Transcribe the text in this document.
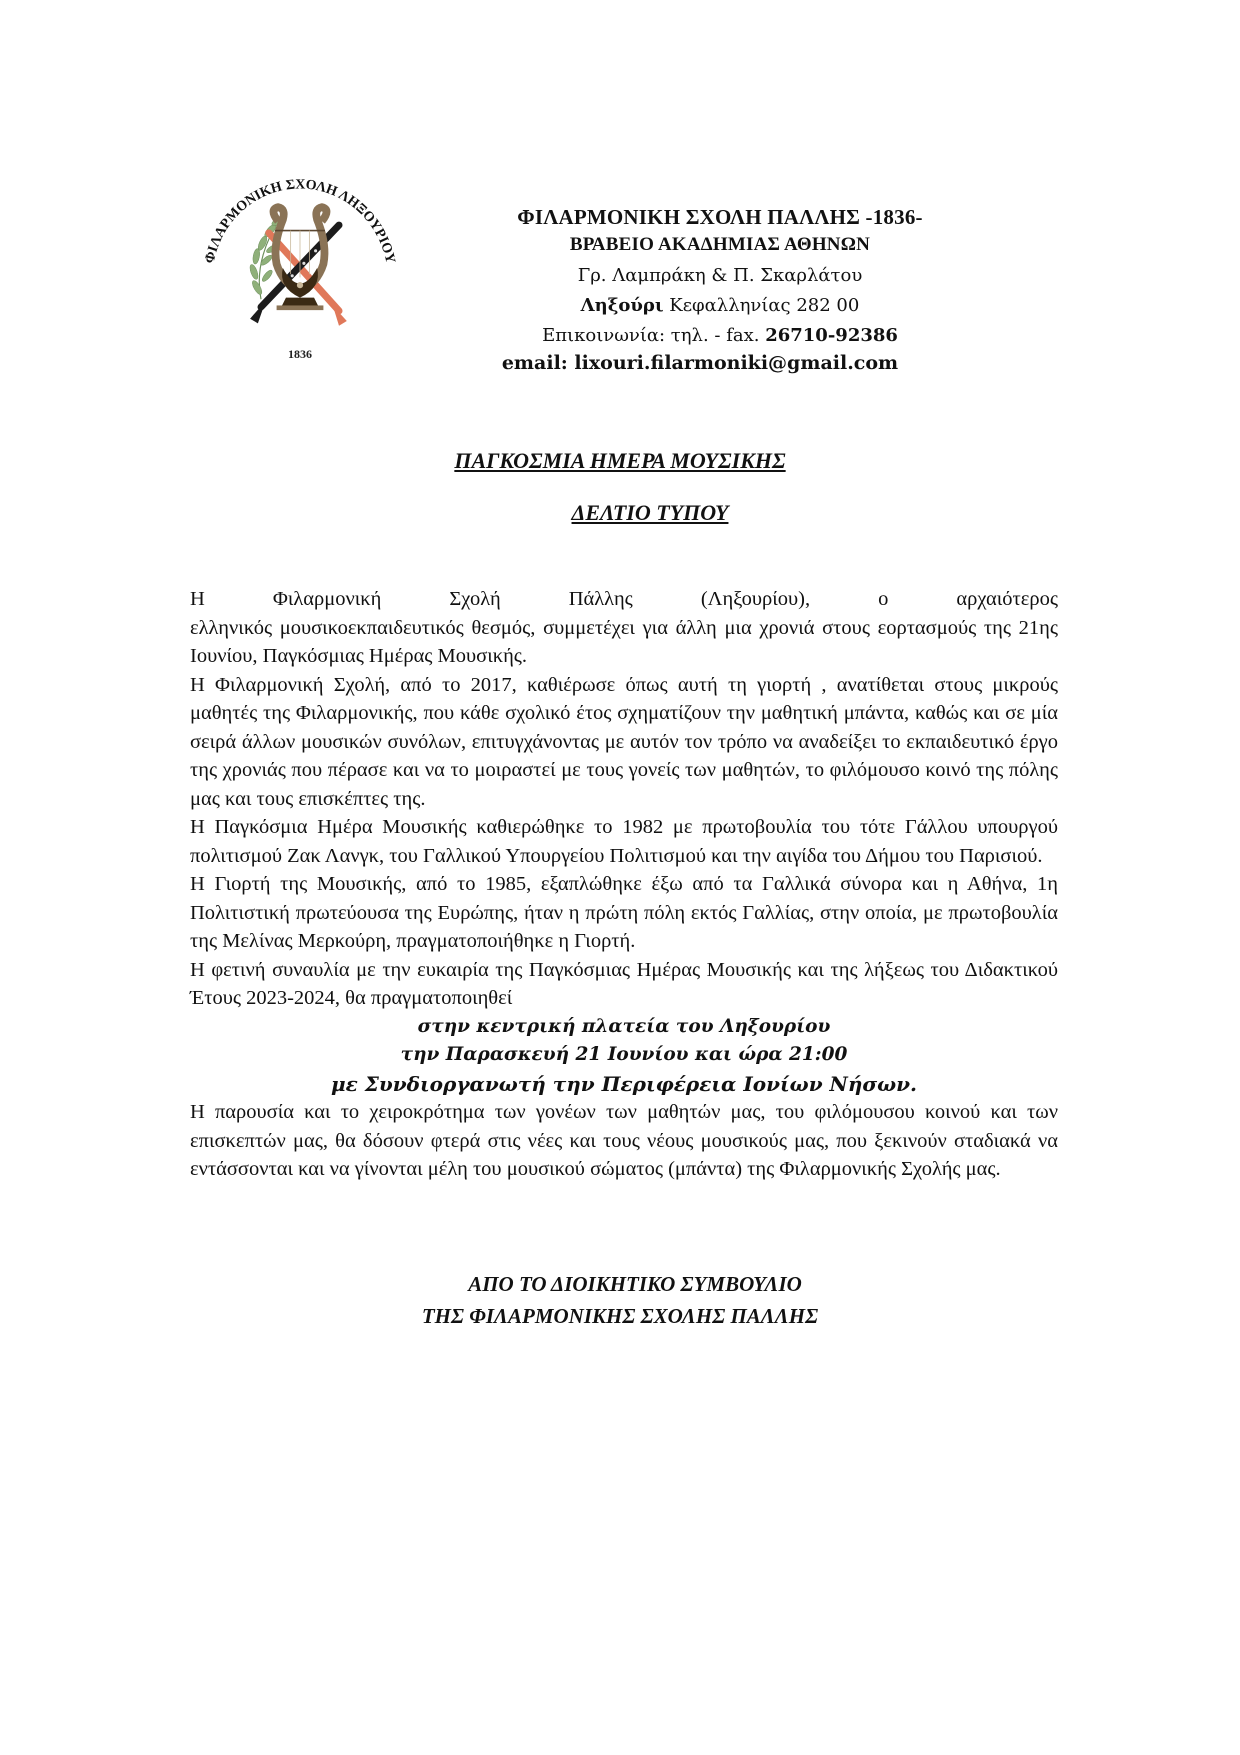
ΦΙΛΑΡΜΟΝΙΚΗ ΣΧΟΛΗ ΛΗΞΟΥΡΙΟΥ
1836
ΦΙΛΑΡΜΟΝΙΚΗ ΣΧΟΛΗ ΠΑΛΛΗΣ -1836-
ΒΡΑΒΕΙΟ ΑΚΑΔΗΜΙΑΣ ΑΘΗΝΩΝ
Γρ. Λαμπράκη & Π. Σκαρλάτου
Ληξούρι Κεφαλληνίας 282 00
Επικοινωνία: τηλ. - fax. 26710-92386
email: lixouri.filarmoniki@gmail.com
ΠΑΓΚΟΣΜΙΑ ΗΜΕΡΑ ΜΟΥΣΙΚΗΣ
ΔΕΛΤΙΟ ΤΥΠΟΥ

Η Φιλαρμονική Σχολή Πάλλης (Ληξουρίου), ο αρχαιότερος
ελληνικός μουσικοεκπαιδευτικός θεσμός, συμμετέχει για άλλη μια χρονιά στους εορτασμούς της 21ης Ιουνίου, Παγκόσμιας Ημέρας Μουσικής.

Η Φιλαρμονική Σχολή, από το 2017, καθιέρωσε όπως αυτή τη γιορτή , ανατίθεται στους μικρούς μαθητές της Φιλαρμονικής, που κάθε σχολικό έτος σχηματίζουν την μαθητική μπάντα, καθώς και σε μία σειρά άλλων μουσικών συνόλων, επιτυγχάνοντας με αυτόν τον τρόπο να αναδείξει το εκπαιδευτικό έργο της χρονιάς που πέρασε και να το μοιραστεί με τους γονείς των μαθητών, το φιλόμουσο κοινό της πόλης μας και τους επισκέπτες της.

Η Παγκόσμια Ημέρα Μουσικής καθιερώθηκε το 1982 με πρωτοβουλία του τότε Γάλλου υπουργού πολιτισμού Ζακ Λανγκ, του Γαλλικού Υπουργείου Πολιτισμού και την αιγίδα του Δήμου του Παρισιού.

Η Γιορτή της Μουσικής, από το 1985, εξαπλώθηκε έξω από τα Γαλλικά σύνορα και η Αθήνα, 1η Πολιτιστική πρωτεύουσα της Ευρώπης, ήταν η πρώτη πόλη εκτός Γαλλίας, στην οποία, με πρωτοβουλία της Μελίνας Μερκούρη, πραγματοποιήθηκε η Γιορτή.

Η φετινή συναυλία με την ευκαιρία της Παγκόσμιας Ημέρας Μουσικής και της λήξεως του Διδακτικού Έτους 2023-2024, θα πραγματοποιηθεί

στην κεντρική πλατεία του Ληξουρίου

την Παρασκευή 21 Ιουνίου και ώρα 21:00

με Συνδιοργανωτή την Περιφέρεια Ιονίων Νήσων.

Η παρουσία και το χειροκρότημα των γονέων των μαθητών μας, του φιλόμουσου κοινού και των επισκεπτών μας, θα δόσουν φτερά στις νέες και τους νέους μουσικούς μας, που ξεκινούν σταδιακά να εντάσσονται και να γίνονται μέλη του μουσικού σώματος (μπάντα) της Φιλαρμονικής Σχολής μας.

ΑΠΟ ΤΟ ΔΙΟΙΚΗΤΙΚΟ ΣΥΜΒΟΥΛΙΟ
ΤΗΣ ΦΙΛΑΡΜΟΝΙΚΗΣ ΣΧΟΛΗΣ ΠΑΛΛΗΣ
